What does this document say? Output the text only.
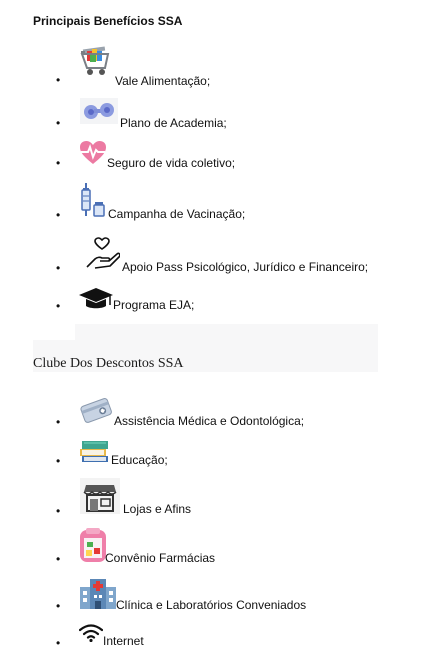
Principais Benefícios SSA
•	Vale Alimentação;
•	Plano de Academia;
•	Seguro de vida coletivo;
•	Campanha de Vacinação;
•	Apoio Pass Psicológico, Jurídico e Financeiro;
•	Programa EJA;
Clube Dos Descontos SSA
•	Assistência Médica e Odontológica;
•	Educação;
•	Lojas e Afins
•	Convênio Farmácias
•	Clínica e Laboratórios Conveniados
•	Internet
